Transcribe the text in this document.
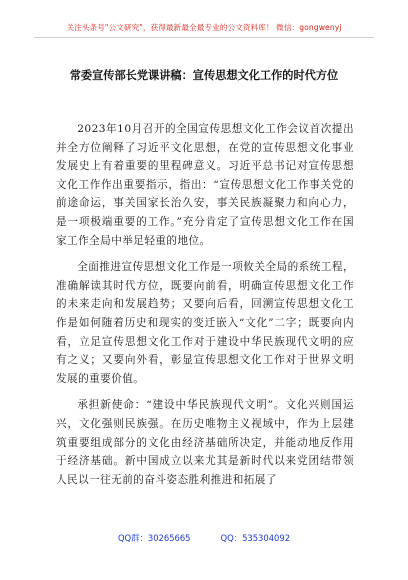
关注头条号"公文研究"，获得最新最全最专业的公文资料库！ 微信：gongwenyj
常委宣传部长党课讲稿：宣传思想文化工作的时代方位

2023年10月召开的全国宣传思想文化工作会议首次提出并全方位阐释了习近平文化思想，在党的宣传思想文化事业发展史上有着重要的里程碑意义。习近平总书记对宣传思想文化工作作出重要指示，指出：“宣传思想文化工作事关党的前途命运，事关国家长治久安，事关民族凝聚力和向心力，是一项极端重要的工作。”充分肯定了宣传思想文化工作在国家工作全局中举足轻重的地位。

全面推进宣传思想文化工作是一项攸关全局的系统工程，准确解读其时代方位，既要向前看，明确宣传思想文化工作的未来走向和发展趋势；又要向后看，回溯宣传思想文化工作是如何随着历史和现实的变迁嵌入“文化”二字；既要向内看，立足宣传思想文化工作对于建设中华民族现代文明的应有之义；又要向外看，彰显宣传思想文化工作对于世界文明发展的重要价值。

承担新使命：“建设中华民族现代文明”。文化兴则国运兴，文化强则民族强。在历史唯物主义视域中，作为上层建筑重要组成部分的文化由经济基础所决定，并能动地反作用于经济基础。新中国成立以来尤其是新时代以来党团结带领人民以一往无前的奋斗姿态胜利推进和拓展了

QQ群：30265665	QQ：535304092
